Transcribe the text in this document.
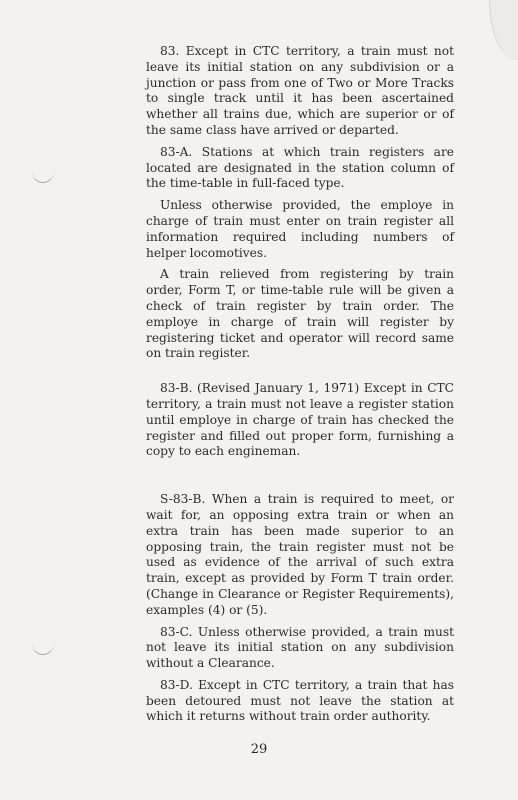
83. Except in CTC territory, a train must not leave its initial station on any subdivision or a junction or pass from one of Two or More Tracks to single track until it has been ascertained whether all trains due, which are superior or of the same class have arrived or departed.

83-A. Stations at which train registers are located are designated in the station column of the time-table in full-faced type.

Unless otherwise provided, the employe in charge of train must enter on train register all information required including numbers of helper locomotives.

A train relieved from registering by train order, Form T, or time-table rule will be given a check of train register by train order. The employe in charge of train will register by registering ticket and operator will record same on train register.

83-B. (Revised January 1, 1971) Except in CTC territory, a train must not leave a register station until employe in charge of train has checked the register and filled out proper form, furnishing a copy to each engineman.

S-83-B. When a train is required to meet, or wait for, an opposing extra train or when an extra train has been made superior to an opposing train, the train register must not be used as evidence of the arrival of such extra train, except as provided by Form T train order. (Change in Clearance or Register Requirements), examples (4) or (5).

83-C. Unless otherwise provided, a train must not leave its initial station on any subdivision without a Clearance.

83-D. Except in CTC territory, a train that has been detoured must not leave the station at which it returns without train order authority.

29
